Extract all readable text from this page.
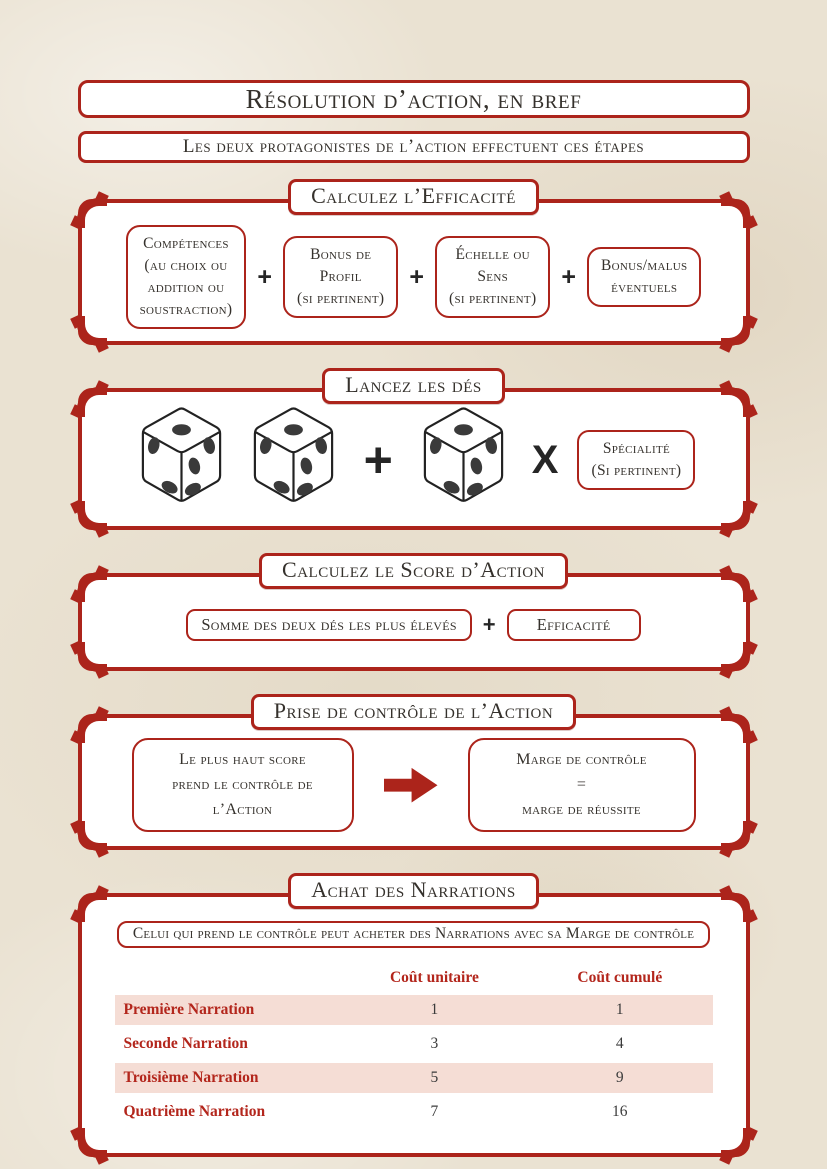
Résolution d’action, en bref
Les deux protagonistes de l’action effectuent ces étapes
Calculez l’Efficacité
Compétences
(au choix ou
addition ou
soustraction)
+
Bonus de
Profil
(si pertinent)
+
Échelle ou
Sens
(si pertinent)
+ Bonus/malus
éventuels
Lancez les dés
+	X	Spécialité
(Si pertinent)
Calculez le Score d’Action
Somme des deux dés les plus élevés	+	Efficacité
Prise de contrôle de l’Action
Le plus haut score
prend le contrôle de
l’Action
Marge de contrôle
=
marge de réussite
Achat des Narrations
Celui qui prend le contrôle peut acheter des Narrations avec sa Marge de contrôle
	Coût unitaire	Coût cumulé
Première Narration	1	1
Seconde Narration	3	4
Troisième Narration	5	9
Quatrième Narration	7	16
